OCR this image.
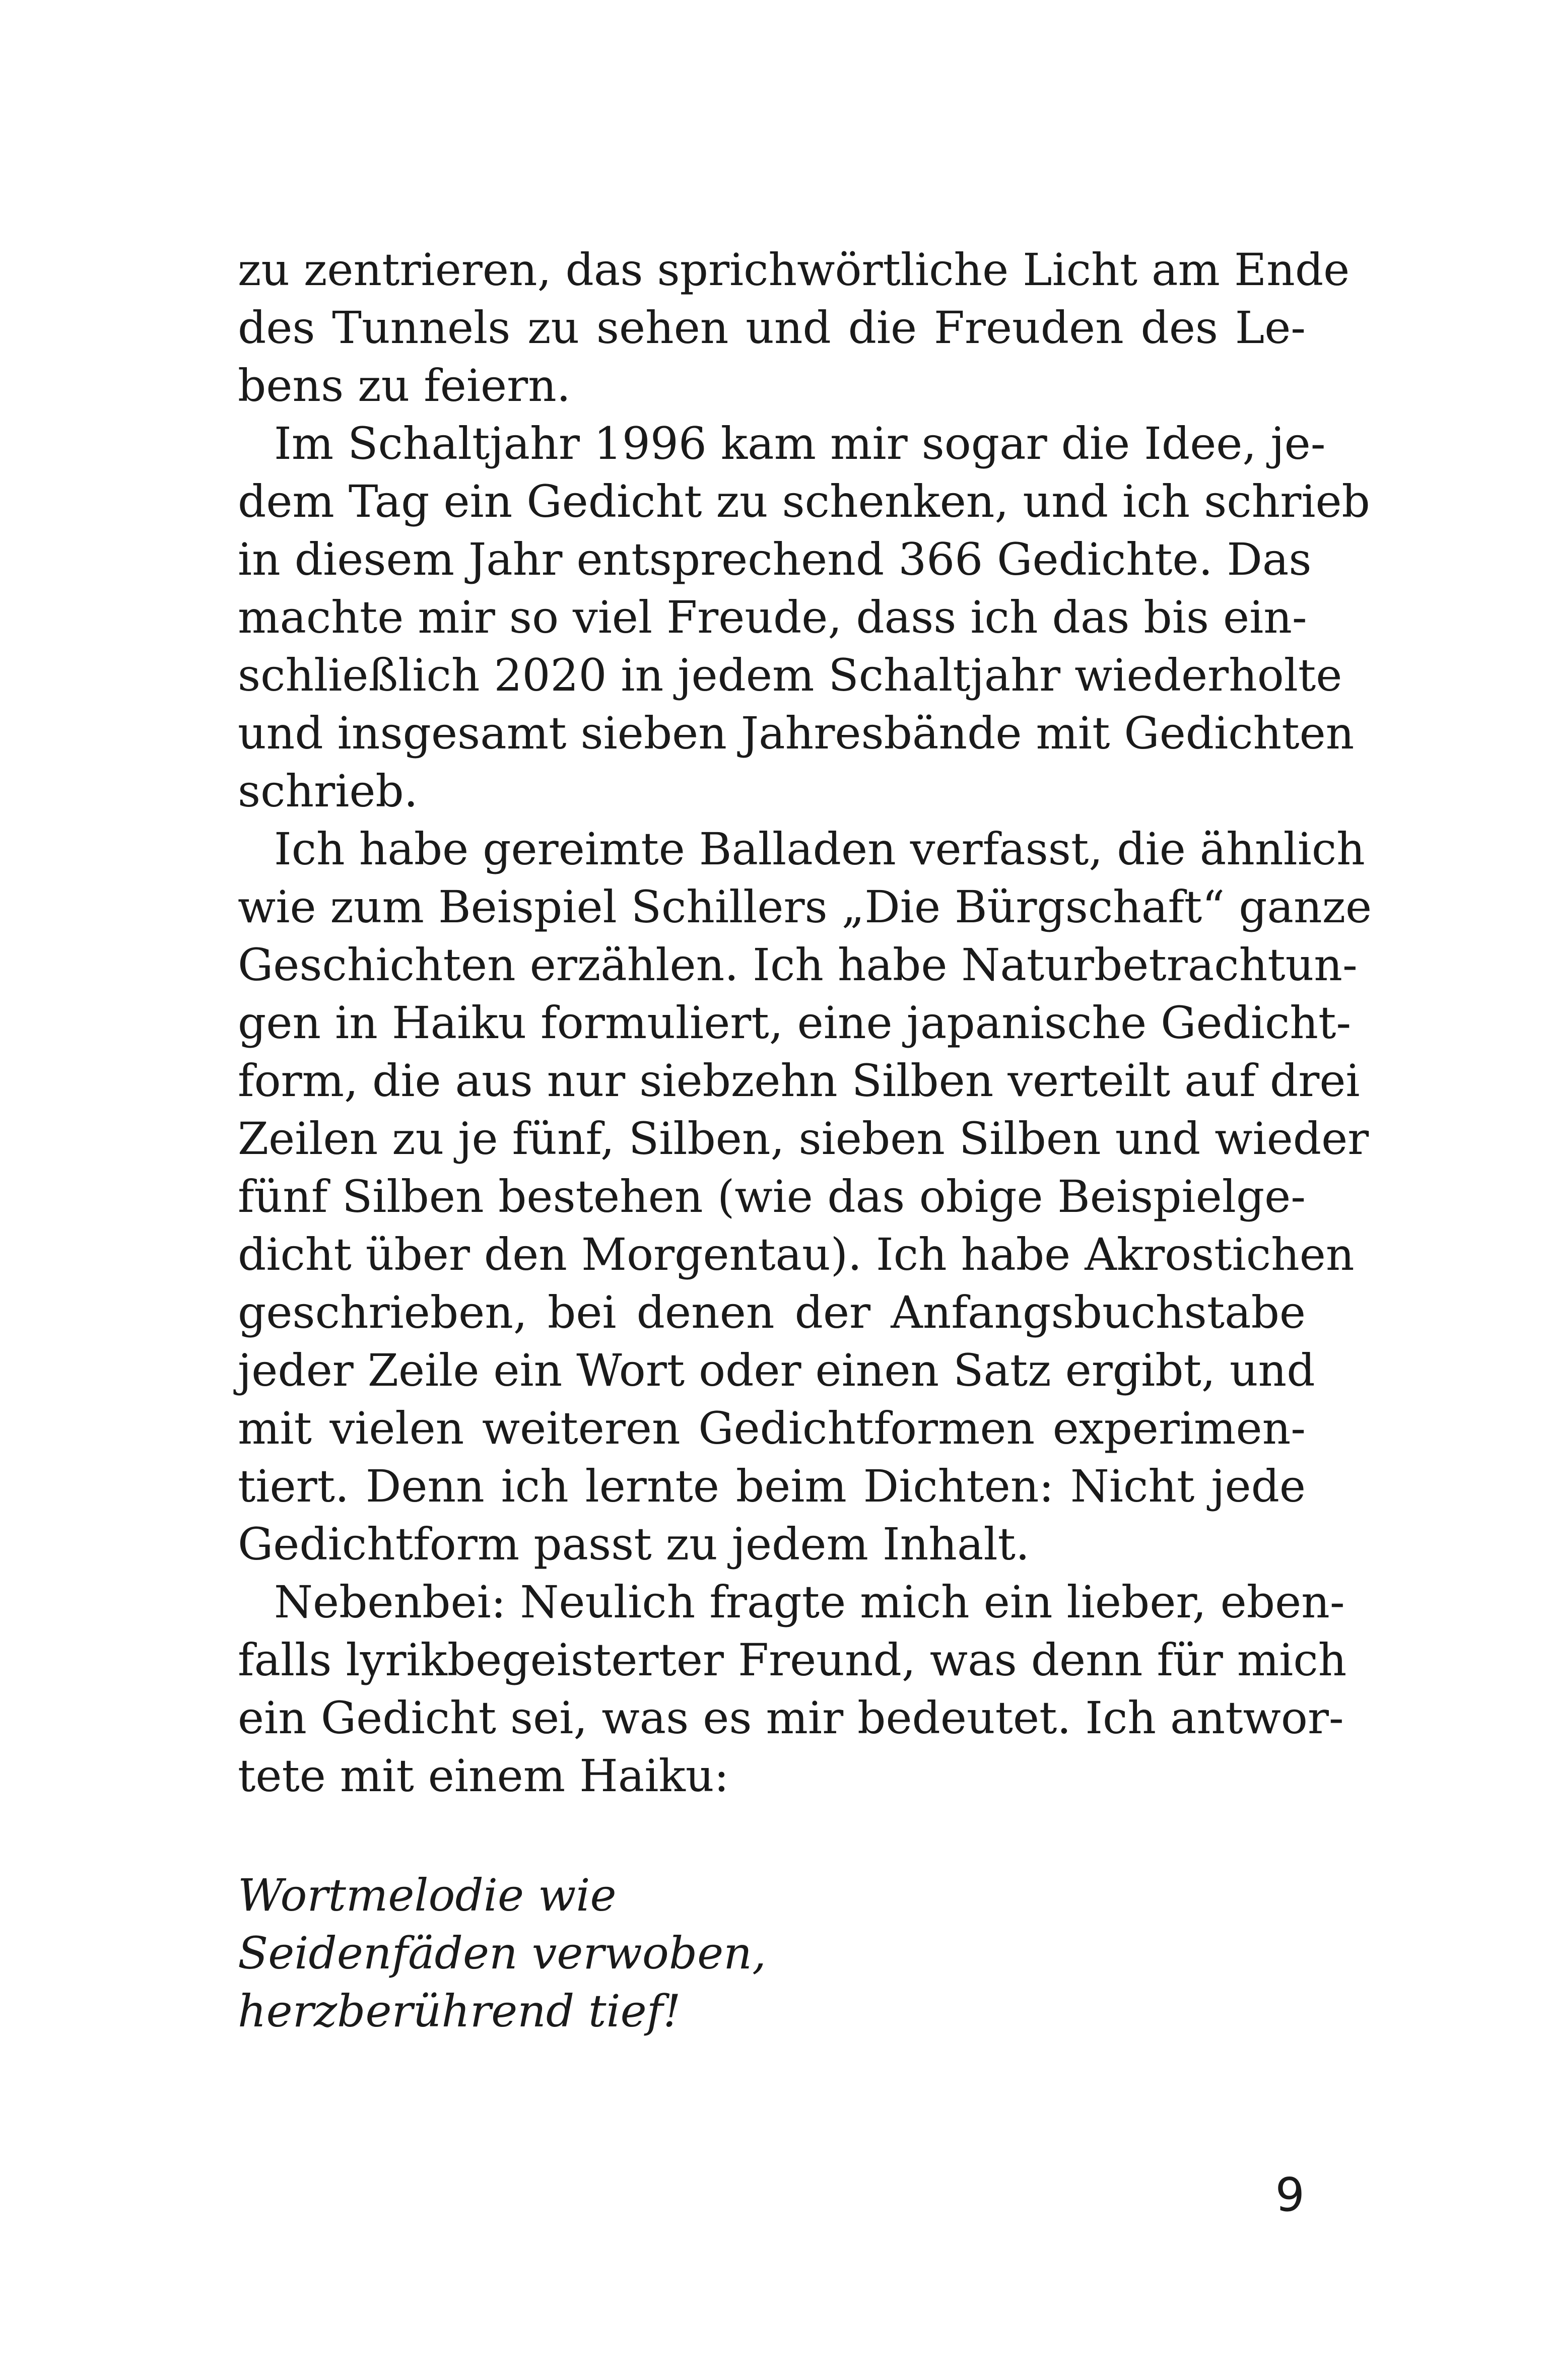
zu zentrieren, das sprichwörtliche Licht am Ende
des Tunnels zu sehen und die Freuden des Le-
bens zu feiern.
Im Schaltjahr 1996 kam mir sogar die Idee, je-
dem Tag ein Gedicht zu schenken, und ich schrieb
in diesem Jahr entsprechend 366 Gedichte. Das
machte mir so viel Freude, dass ich das bis ein-
schließlich 2020 in jedem Schaltjahr wiederholte
und insgesamt sieben Jahresbände mit Gedichten
schrieb.
Ich habe gereimte Balladen verfasst, die ähnlich
wie zum Beispiel Schillers „Die Bürgschaft“ ganze
Geschichten erzählen. Ich habe Naturbetrachtun-
gen in Haiku formuliert, eine japanische Gedicht-
form, die aus nur siebzehn Silben verteilt auf drei
Zeilen zu je fünf, Silben, sieben Silben und wieder
fünf Silben bestehen (wie das obige Beispielge-
dicht über den Morgentau). Ich habe Akrostichen
geschrieben, bei denen der Anfangsbuchstabe
jeder Zeile ein Wort oder einen Satz ergibt, und
mit vielen weiteren Gedichtformen experimen-
tiert. Denn ich lernte beim Dichten: Nicht jede
Gedichtform passt zu jedem Inhalt.
Nebenbei: Neulich fragte mich ein lieber, eben-
falls lyrikbegeisterter Freund, was denn für mich
ein Gedicht sei, was es mir bedeutet. Ich antwor-
tete mit einem Haiku:
Wortmelodie wie
Seidenfäden verwoben,
herzberührend tief!
9
